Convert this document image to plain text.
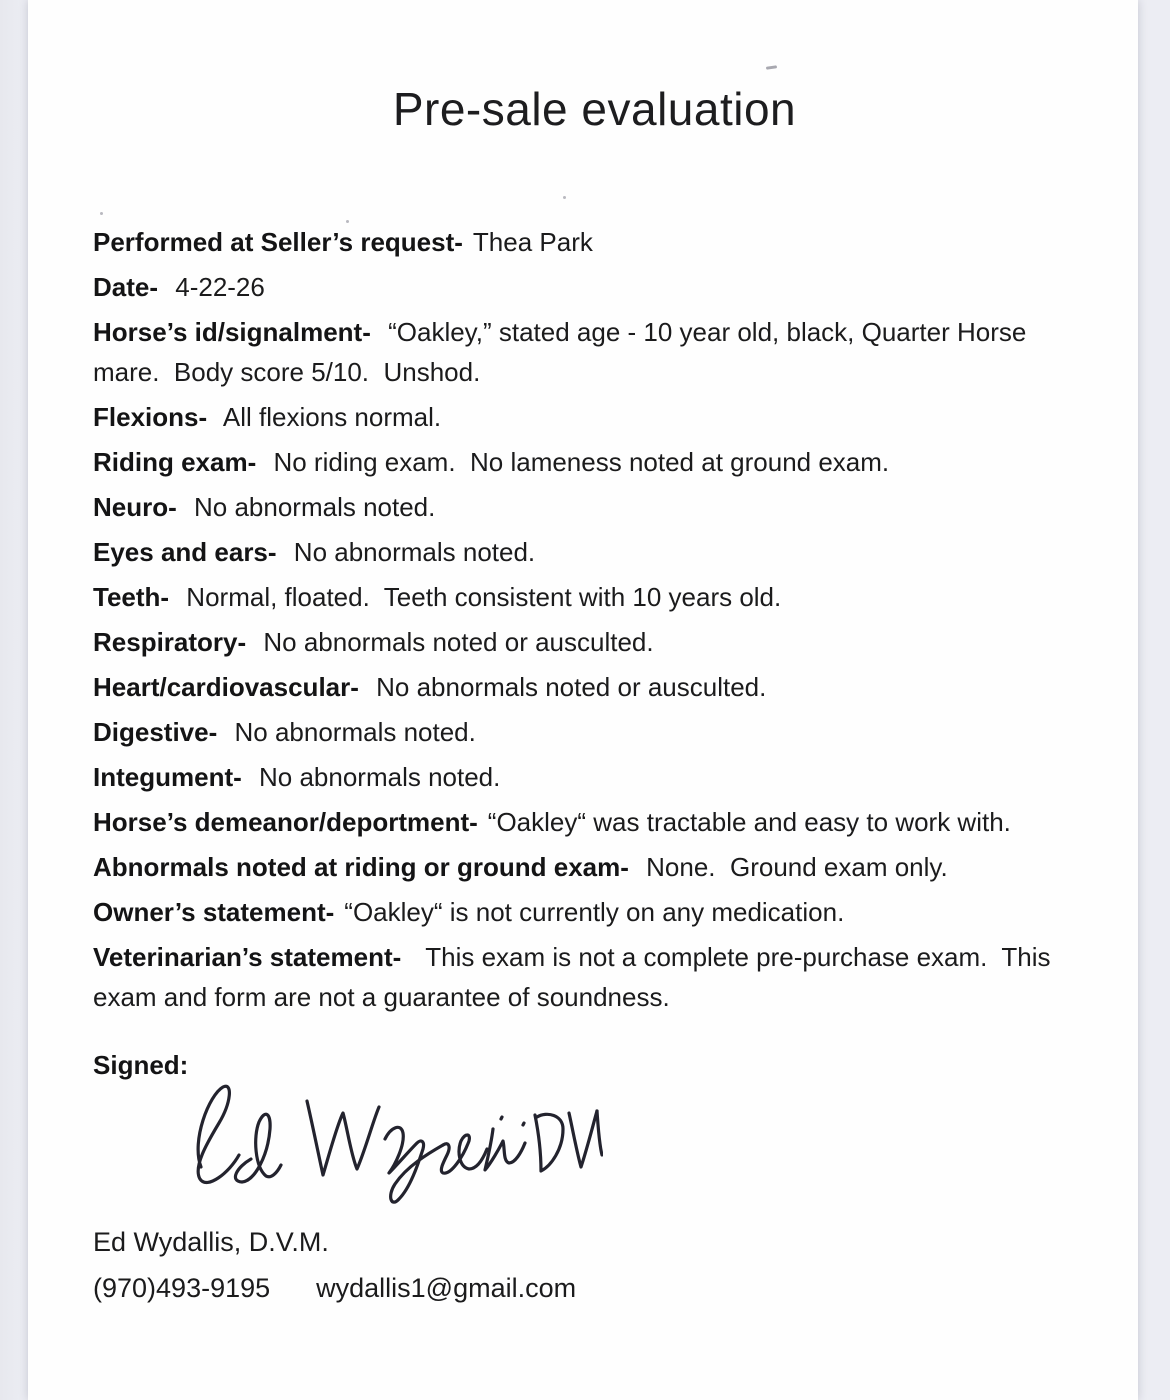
Pre-sale evaluation

Performed at Seller’s request- Thea Park

Date- 4-22-26

Horse’s id/signalment- “Oakley,” stated age - 10 year old, black, Quarter Horse mare.  Body score 5/10.  Unshod.

Flexions- All flexions normal.

Riding exam- No riding exam.  No lameness noted at ground exam.

Neuro- No abnormals noted.

Eyes and ears- No abnormals noted.

Teeth- Normal, floated.  Teeth consistent with 10 years old.

Respiratory- No abnormals noted or ausculted.

Heart/cardiovascular- No abnormals noted or ausculted.

Digestive- No abnormals noted.

Integument- No abnormals noted.

Horse’s demeanor/deportment- “Oakley“ was tractable and easy to work with.

Abnormals noted at riding or ground exam- None.  Ground exam only.

Owner’s statement- “Oakley“ is not currently on any medication.

Veterinarian’s statement-  This exam is not a complete pre-purchase exam.  This exam and form are not a guarantee of soundness.

Signed:

Ed Wydallis, D.V.M.

(970)493-9195 wydallis1@gmail.com
